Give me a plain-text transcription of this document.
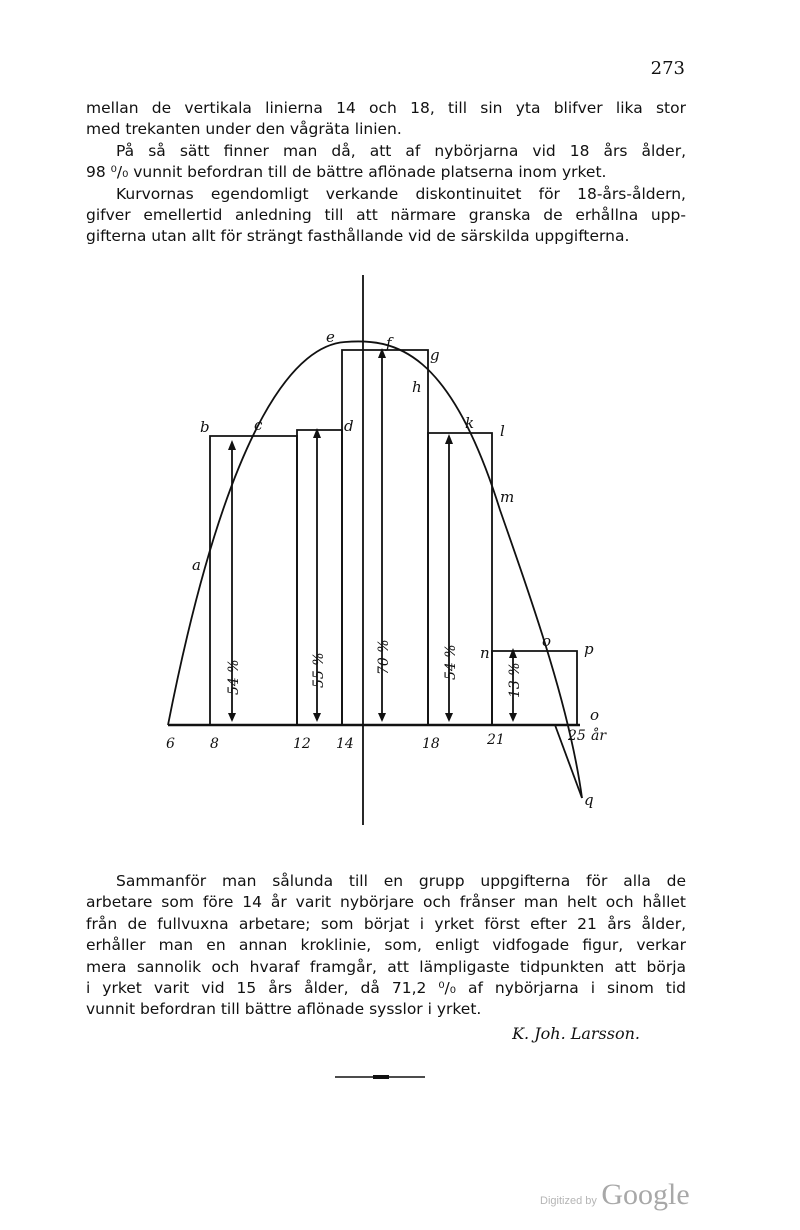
273
mellan de vertikala linierna 14 och 18, till sin yta blifver lika stor
med trekanten under den vågräta linien.
På så sätt finner man då, att af nybörjarna vid 18 års ålder,
98 ⁰/₀ vunnit befordran till de bättre aflönade platserna inom yrket.
Kurvornas egendomligt verkande diskontinuitet för 18-års-åldern,
gifver emellertid anledning till att närmare granska de erhållna upp-
gifterna utan allt för strängt fasthållande vid de särskilda uppgifterna.
a
b	c	d
e	f
g
h
k l
m
n
o p
o
q
6	8	12 14	18	21	25 år
54 %	55 %	70 %	54 %
13 %
Sammanför man sålunda till en grupp uppgifterna för alla de
arbetare som före 14 år varit nybörjare och frånser man helt och hållet
från de fullvuxna arbetare; som börjat i yrket först efter 21 års ålder,
erhåller man en annan kroklinie, som, enligt vidfogade figur, verkar
mera sannolik och hvaraf framgår, att lämpligaste tidpunkten att börja
i yrket varit vid 15 års ålder, då 71,2 ⁰/₀ af nybörjarna i sinom tid
vunnit befordran till bättre aflönade sysslor i yrket.
K. Joh. Larsson.
Digitized by Google
